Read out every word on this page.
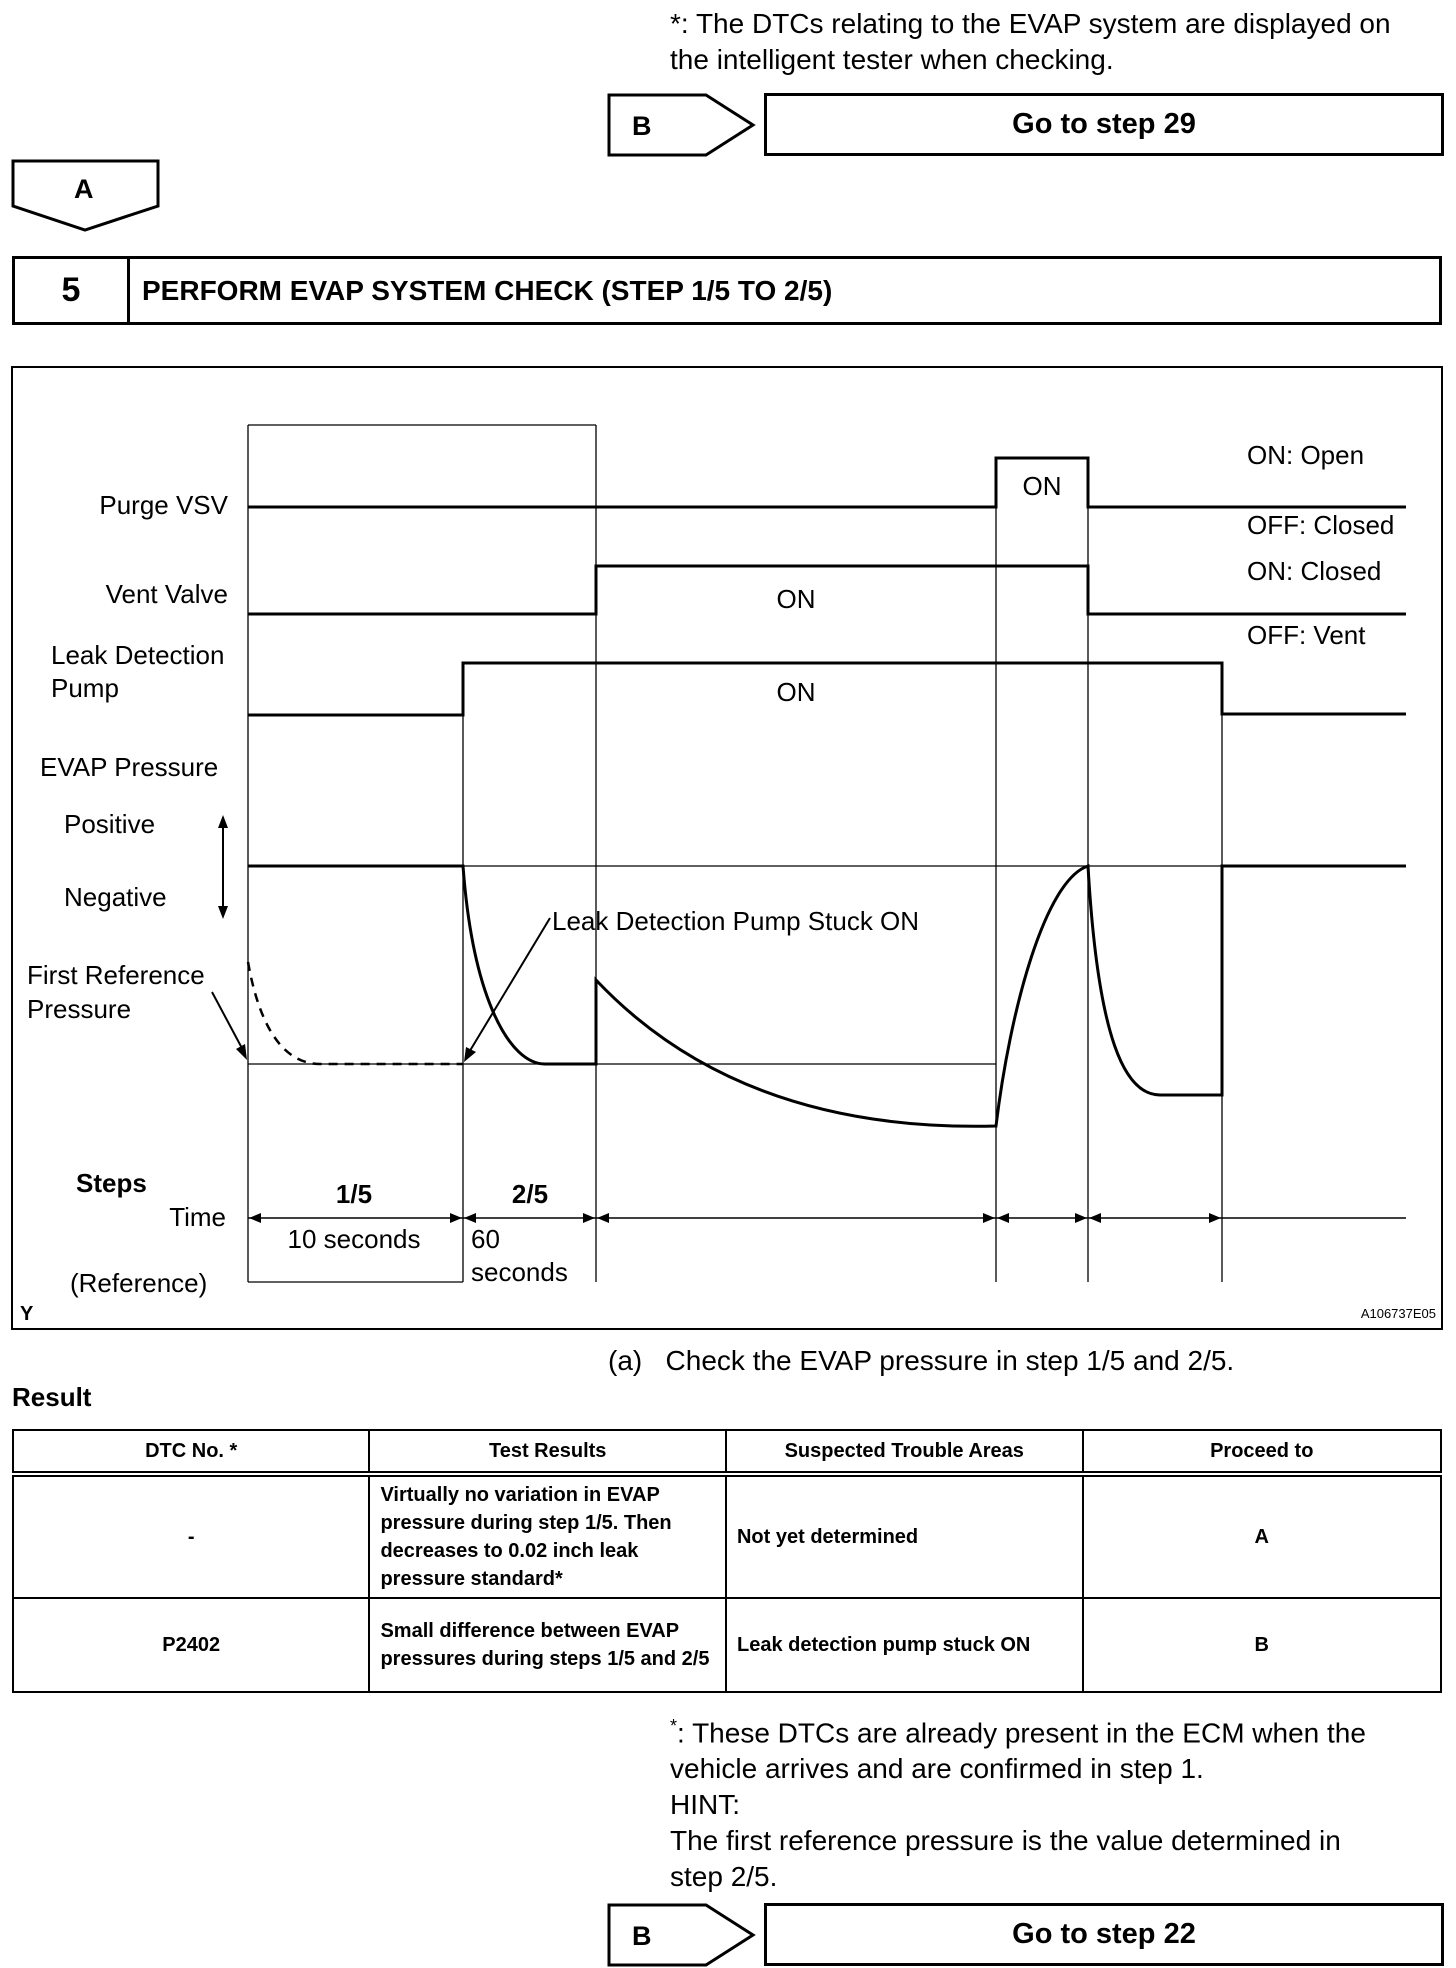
*: The DTCs relating to the EVAP system are displayed on the intelligent tester when checking.
B	Go to step 29
A
5	PERFORM EVAP SYSTEM CHECK (STEP 1/5 TO 2/5)
Purge VSV
Vent Valve
Leak Detection
Pump
EVAP Pressure
Positive
Negative
First Reference
Pressure
ON
ON
ON
ON: Open
OFF: Closed
ON: Closed
OFF: Vent
Leak Detection Pump Stuck ON
Steps
Time
(Reference)
1/5	2/5
10 seconds 60
seconds
Y	A106737E05
(a)   Check the EVAP pressure in step 1/5 and 2/5.
Result
DTC No. *	Test Results	Suspected Trouble Areas	Proceed to
-	Virtually no variation in EVAP pressure during step 1/5. Then decreases to 0.02 inch leak pressure standard*	Not yet determined	A
P2402	Small difference between EVAP pressures during steps 1/5 and 2/5	Leak detection pump stuck ON	B
*: These DTCs are already present in the ECM when the
vehicle arrives and are confirmed in step 1.
HINT:
The first reference pressure is the value determined in
step 2/5.
B	Go to step 22
